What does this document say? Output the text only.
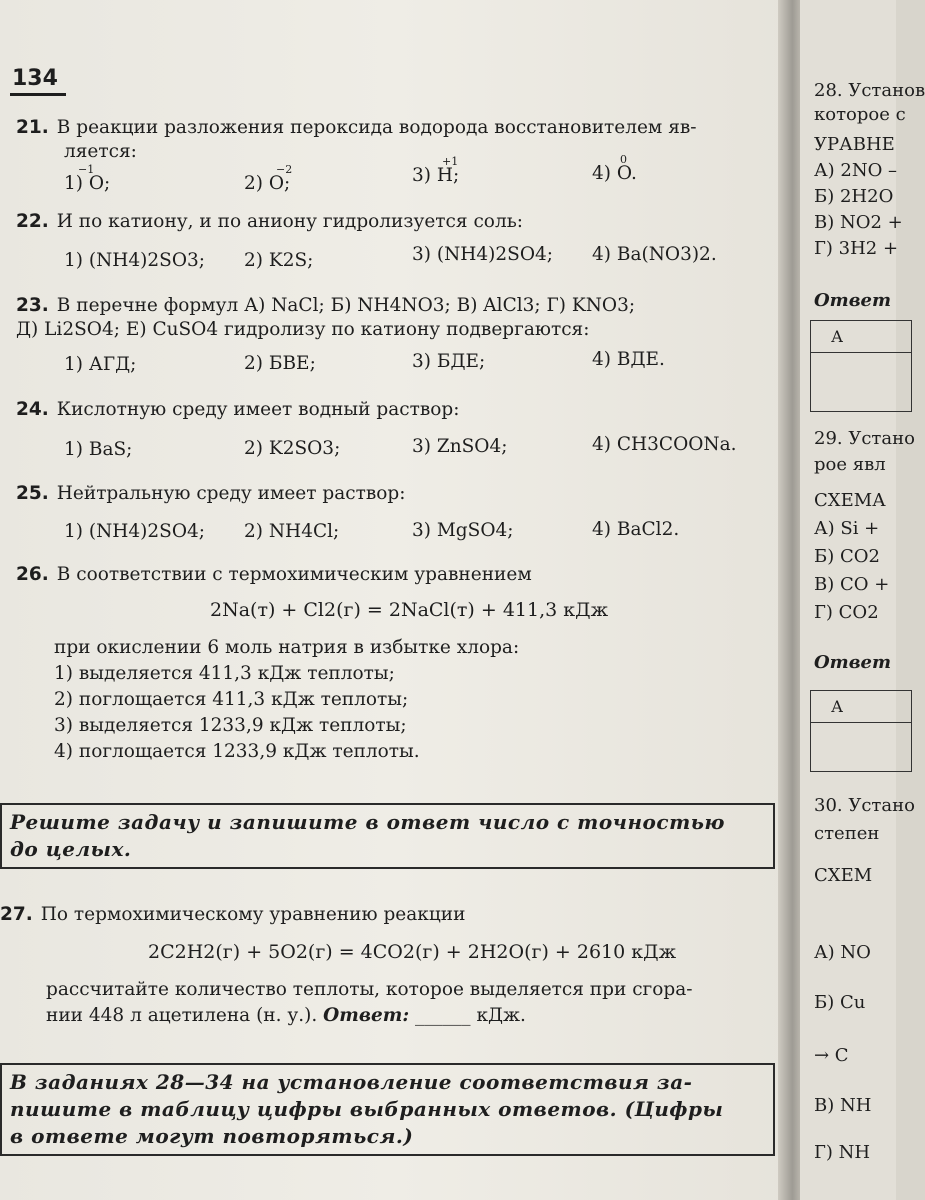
134
21. В реакции разложения пероксида водорода восстановителем яв-
ляется:
−1
1) O;
−2
2) O;
+1
3) H;
0
4) O.
22. И по катиону, и по аниону гидролизуется соль:
1) (NH4)2SO3; 2) K2S;	3) (NH4)2SO4; 4) Ba(NO3)2.
23. В перечне формул А) NaCl; Б) NH4NO3; В) AlCl3; Г) KNO3;
Д) Li2SO4; Е) CuSO4 гидролизу по катиону подвергаются:
1) АГД;	2) БВЕ;	3) БДЕ;	4) ВДЕ.
24. Кислотную среду имеет водный раствор:
1) BaS;	2) K2SO3;	3) ZnSO4;	4) CH3COONa.
25. Нейтральную среду имеет раствор:
1) (NH4)2SO4; 2) NH4Cl;	3) MgSO4;	4) BaCl2.
26. В соответствии с термохимическим уравнением
2Na(т) + Cl2(г) = 2NaCl(т) + 411,3 кДж
при окислении 6 моль натрия в избытке хлора:
1) выделяется 411,3 кДж теплоты;
2) поглощается 411,3 кДж теплоты;
3) выделяется 1233,9 кДж теплоты;
4) поглощается 1233,9 кДж теплоты.
Решите задачу и запишите в ответ число с точностью
до целых.
27. По термохимическому уравнению реакции
2C2H2(г) + 5O2(г) = 4CO2(г) + 2H2O(г) + 2610 кДж
рассчитайте количество теплоты, которое выделяется при сгора-
нии 448 л ацетилена (н. у.). Ответ: ______ кДж.
В заданиях 28—34 на установление соответствия за-
пишите в таблицу цифры выбранных ответов. (Цифры
в ответе могут повторяться.)
28. Установ
которое с
УРАВНЕ
А) 2NO –
Б) 2H2O
В) NO2 +
Г) 3H2 +
Ответ
А
29. Устано
рое явл
СХЕМА
А) Si +
Б) CO2
В) CO +
Г) CO2
Ответ
А
30. Устано
степен
СХЕМ
А) NO
Б) Cu
→ C
В) NH
Г) NH
